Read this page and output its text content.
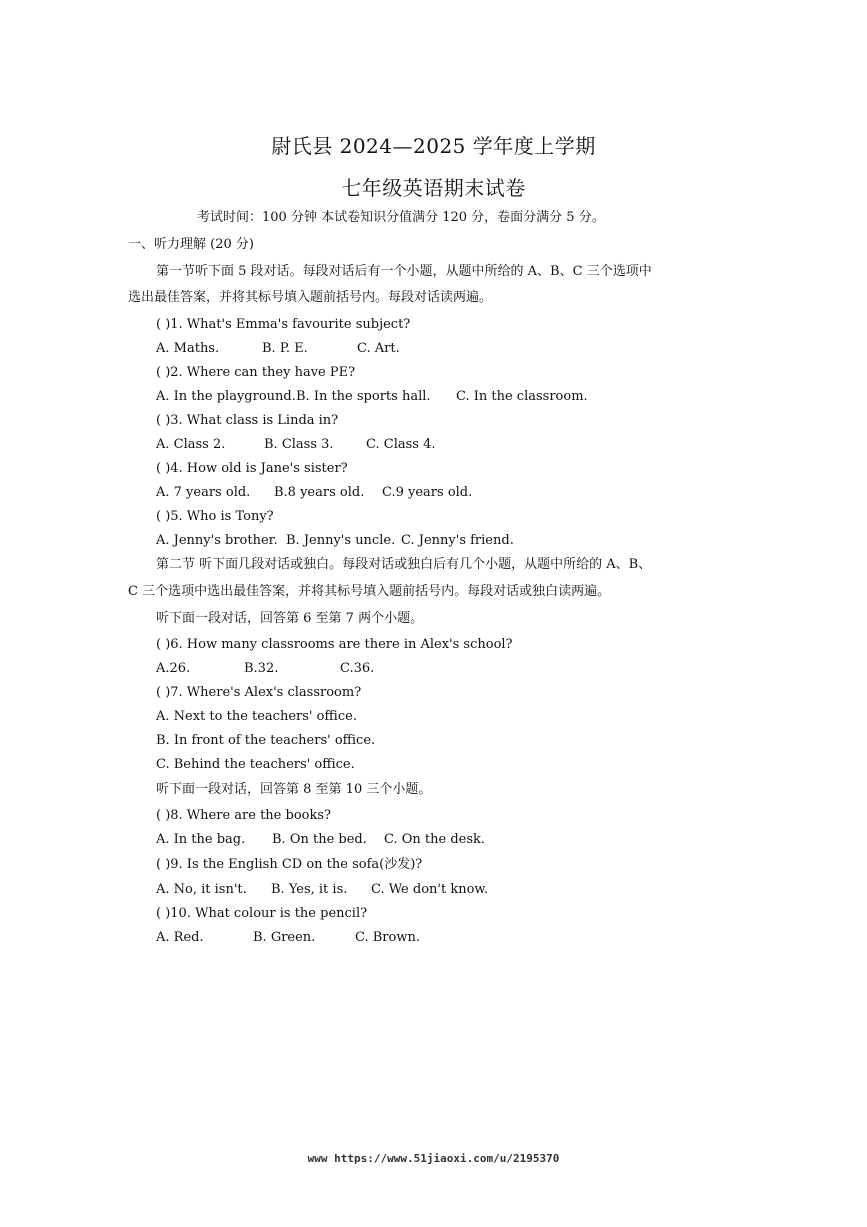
尉氏县 2024—2025 学年度上学期
七年级英语期末试卷
考试时间：100 分钟 本试卷知识分值满分 120 分，卷面分满分 5 分。
一、听力理解 (20 分)
第一节听下面 5 段对话。每段对话后有一个小题，从题中所给的 A、B、C 三个选项中
选出最佳答案，并将其标号填入题前括号内。每段对话读两遍。
( )1. What's Emma's favourite subject?
A. Maths.	B. P. E.	C. Art.
( )2. Where can they have PE?
A. In the playground.B. In the sports hall. C. In the classroom.
( )3. What class is Linda in?
A. Class 2.	B. Class 3. C. Class 4.
( )4. How old is Jane's sister?
A. 7 years old. B.8 years old. C.9 years old.
( )5. Who is Tony?
A. Jenny's brother. B. Jenny's uncle. C. Jenny's friend.
第二节 听下面几段对话或独白。每段对话或独白后有几个小题，从题中所给的 A、B、
C 三个选项中选出最佳答案，并将其标号填入题前括号内。每段对话或独白读两遍。
听下面一段对话，回答第 6 至第 7 两个小题。
( )6. How many classrooms are there in Alex's school?
A.26.	B.32.	C.36.
( )7. Where's Alex's classroom?
A. Next to the teachers' office.
B. In front of the teachers' office.
C. Behind the teachers' office.
听下面一段对话，回答第 8 至第 10 三个小题。
( )8. Where are the books?
A. In the bag. B. On the bed. C. On the desk.
( )9. Is the English CD on the sofa(沙发)?
A. No, it isn't. B. Yes, it is. C. We don't know.
( )10. What colour is the pencil?
A. Red.	B. Green.	C. Brown.
www https://www.51jiaoxi.com/u/2195370
